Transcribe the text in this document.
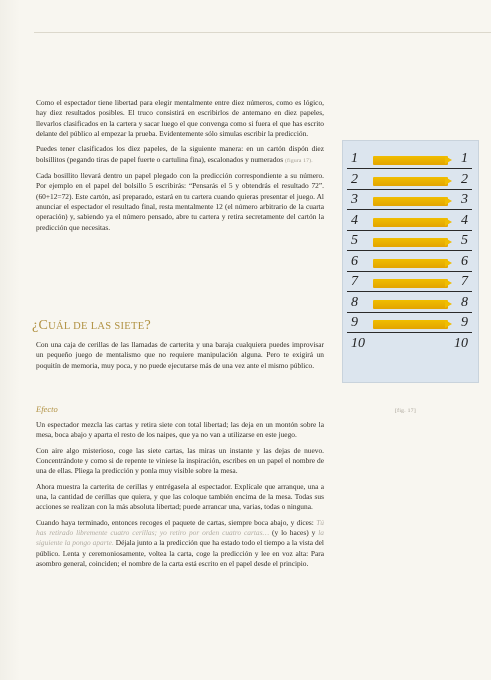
Como el espectador tiene libertad para elegir mentalmente entre diez números, como es lógico, hay diez resultados posibles. El truco consistirá en escribirlos de antemano en diez papeles, llevarlos clasificados en la cartera y sacar luego el que convenga como si fuera el que has escrito delante del público al empezar la prueba. Evidentemente sólo simulas escribir la predicción.

Puedes tener clasificados los diez papeles, de la siguiente manera: en un cartón dispón diez bolsillitos (pegando tiras de papel fuerte o cartulina fina), escalonados y numerados (figura 17).

Cada bosillito llevará dentro un papel plegado con la predicción correspondiente a su número. Por ejemplo en el papel del bolsillo 5 escribirás: “Pensarás el 5 y obtendrás el resultado 72”. (60+12=72). Este cartón, así preparado, estará en tu cartera cuando quieras presentar el juego. Al anunciar el espectador el resultado final, resta mentalmente 12 (el número arbitrario de la cuarta operación) y, sabiendo ya el número pensado, abre tu cartera y retira secretamente del cartón la predicción que necesitas.

¿CUÁL DE LAS SIETE?

Con una caja de cerillas de las llamadas de carterita y una baraja cualquiera puedes improvisar un pequeño juego de mentalismo que no requiere manipulación alguna. Pero te exigirá un poquitín de memoria, muy poca, y no puede ejecutarse más de una vez ante el mismo público.

Efecto

Un espectador mezcla las cartas y retira siete con total libertad; las deja en un montón sobre la mesa, boca abajo y aparta el resto de los naipes, que ya no van a utilizarse en este juego.

Con aire algo misterioso, coge las siete cartas, las miras un instante y las dejas de nuevo. Concentrándote y como si de repente te viniese la inspiración, escribes en un papel el nombre de una de ellas. Pliega la predicción y ponla muy visible sobre la mesa.

Ahora muestra la carterita de cerillas y entrégasela al espectador. Explícale que arranque, una a una, la cantidad de cerillas que quiera, y que las coloque también encima de la mesa. Todas sus acciones se realizan con la más absoluta libertad; puede arrancar una, varias, todas o ninguna.

Cuando haya terminado, entonces recoges el paquete de cartas, siempre boca abajo, y dices: Tú has retirado libremente cuatro cerillas; yo retiro por orden cuatro cartas… (y lo haces) y la siguiente la pongo aparte. Déjala junto a la predicción que ha estado todo el tiempo a la vista del público. Lenta y ceremoniosamente, voltea la carta, coge la predicción y lee en voz alta: Para asombro general, coinciden; el nombre de la carta está escrito en el papel desde el principio.

1	1
2	2
3	3
4	4
5	5
6	6
7	7
8	8
9	9
10	10
[fig. 17]
